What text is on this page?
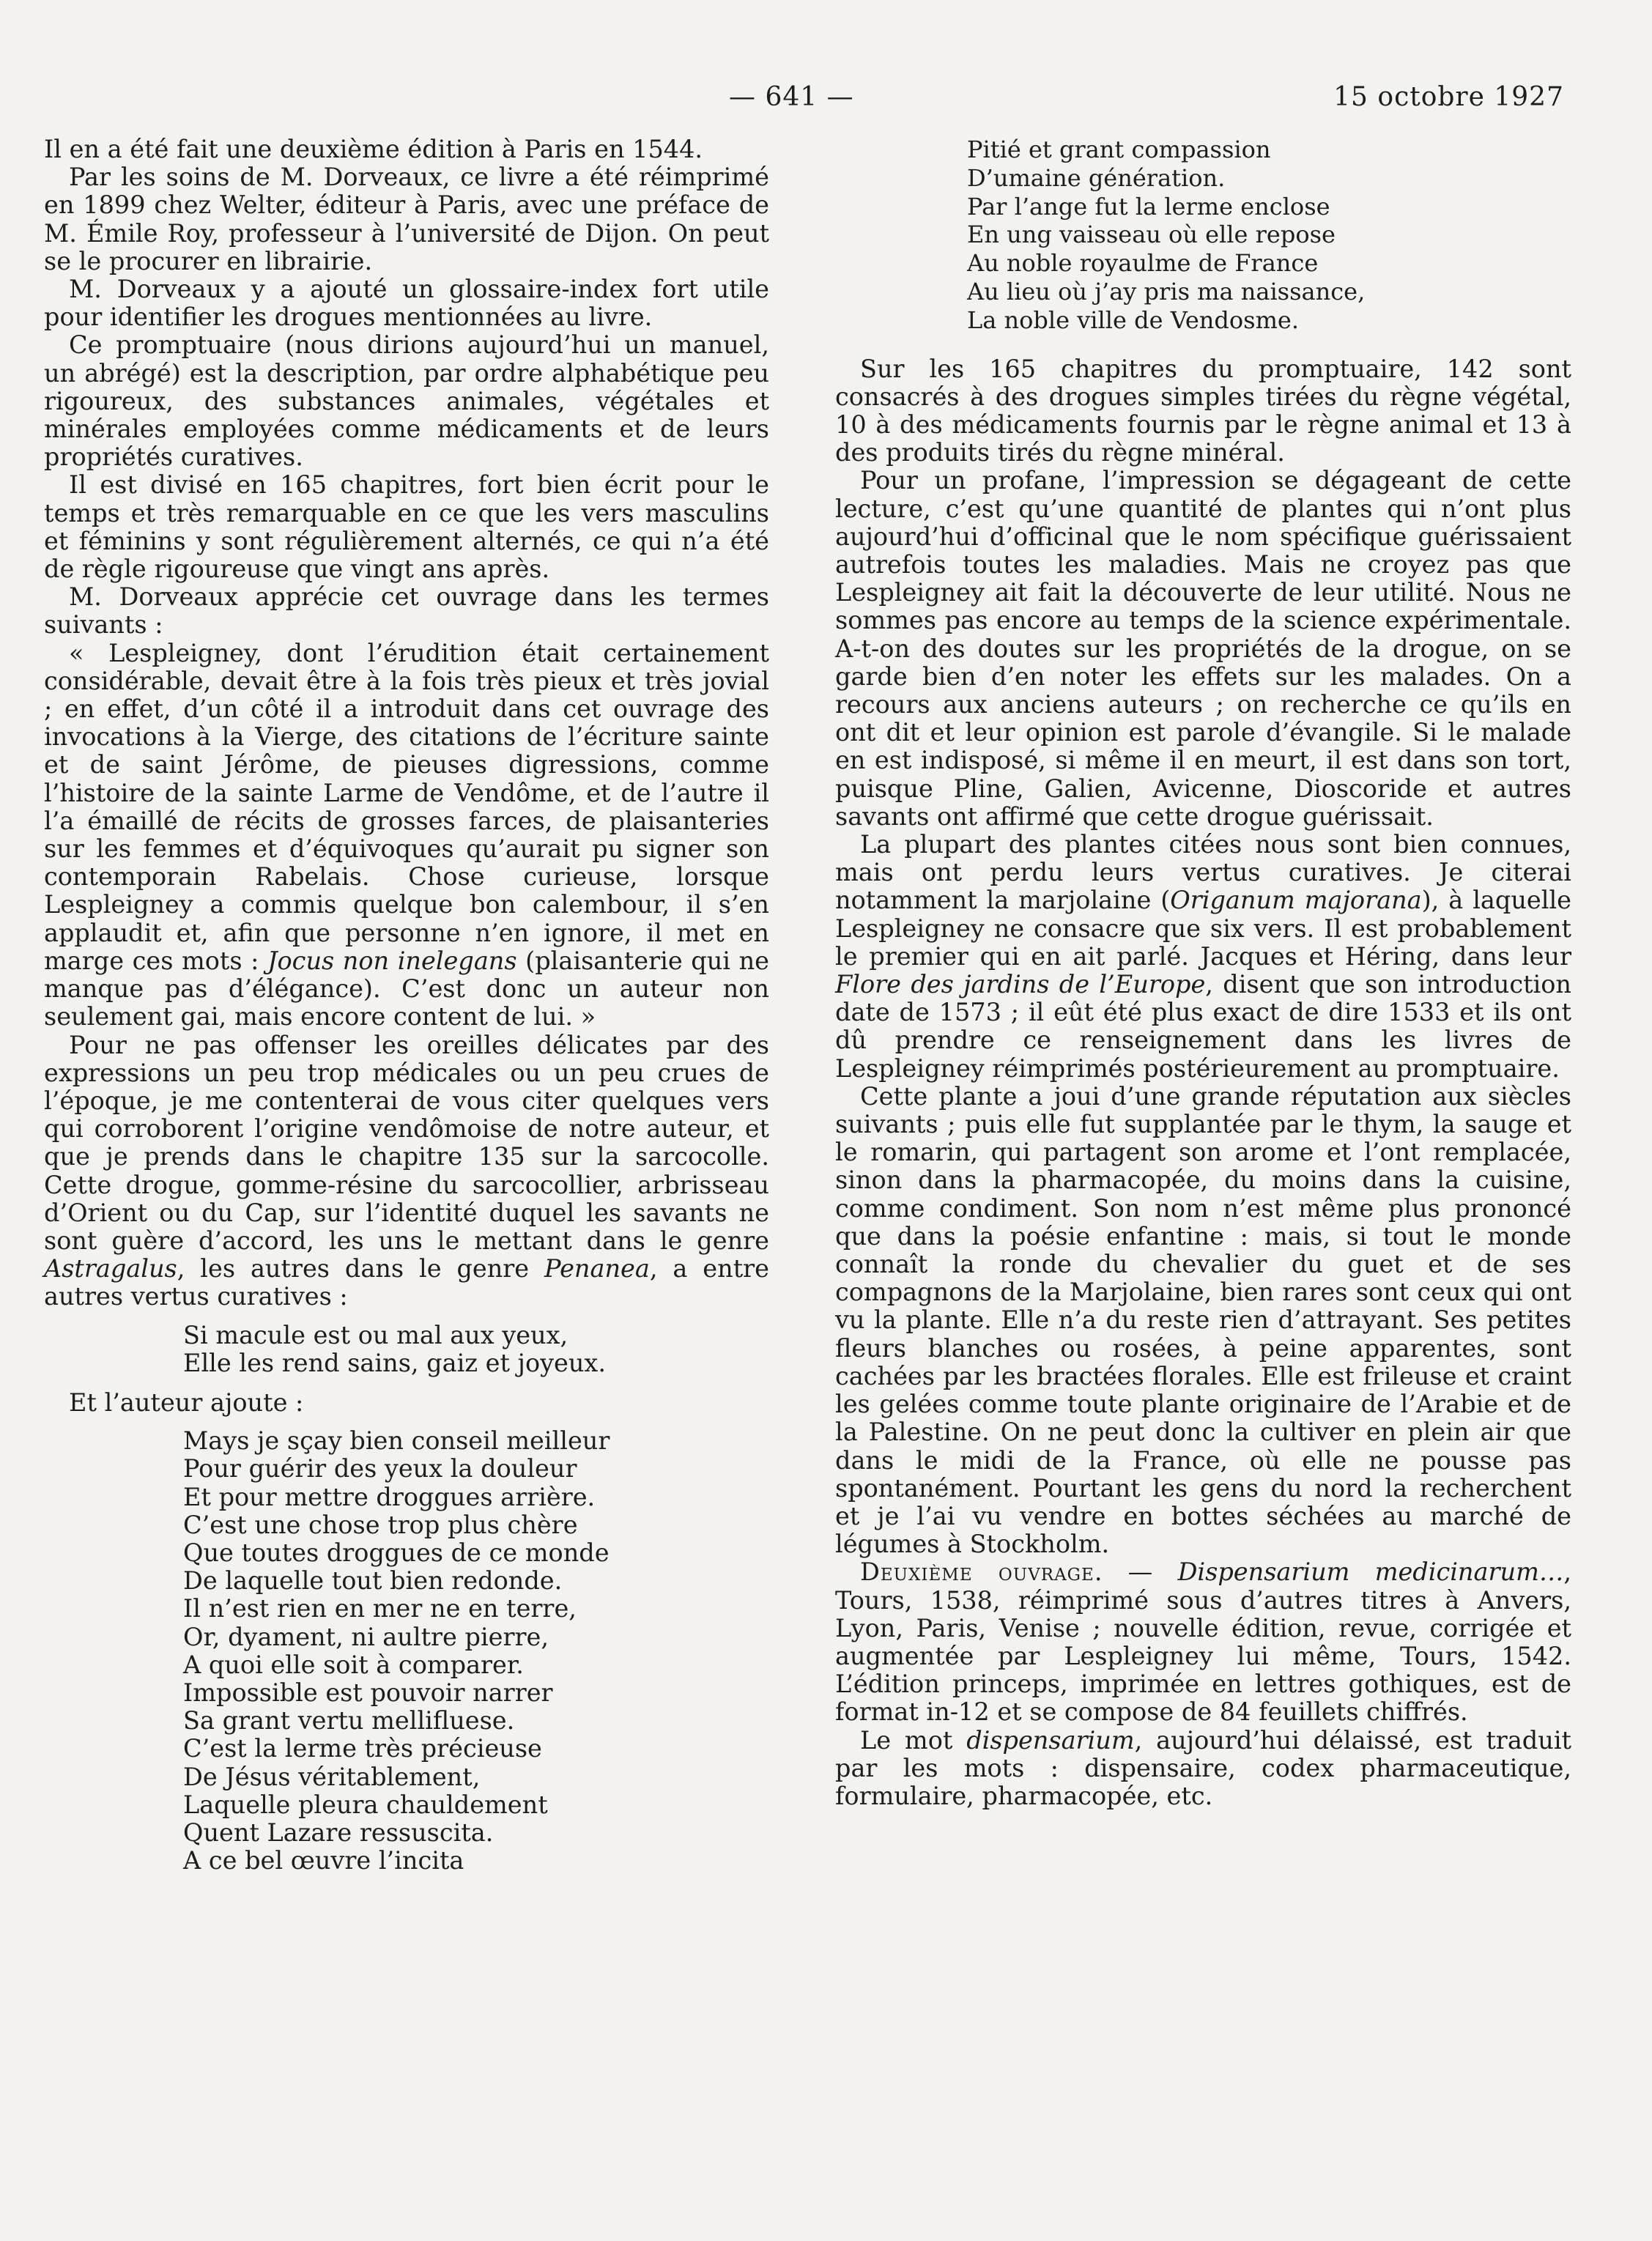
— 641 —	15 octobre 1927

Il en a été fait une deuxième édition à Paris en 1544.

Par les soins de M. Dorveaux, ce livre a été réimprimé en 1899 chez Welter, éditeur à Paris, avec une préface de M. Émile Roy, professeur à l’université de Dijon. On peut se le procurer en librairie.

M. Dorveaux y a ajouté un glossaire-index fort utile pour identifier les drogues mentionnées au livre.

Ce promptuaire (nous dirions aujourd’hui un manuel, un abrégé) est la description, par ordre alphabétique peu rigoureux, des substances animales, végétales et minérales employées comme médicaments et de leurs propriétés curatives.

Il est divisé en 165 chapitres, fort bien écrit pour le temps et très remarquable en ce que les vers masculins et féminins y sont régulièrement alternés, ce qui n’a été de règle rigoureuse que vingt ans après.

M. Dorveaux apprécie cet ouvrage dans les termes suivants :

« Lespleigney, dont l’érudition était certainement considérable, devait être à la fois très pieux et très jovial ; en effet, d’un côté il a introduit dans cet ouvrage des invocations à la Vierge, des citations de l’écriture sainte et de saint Jérôme, de pieuses digressions, comme l’histoire de la sainte Larme de Vendôme, et de l’autre il l’a émaillé de récits de grosses farces, de plaisanteries sur les femmes et d’équivoques qu’aurait pu signer son contemporain Rabelais. Chose curieuse, lorsque Lespleigney a commis quelque bon calembour, il s’en applaudit et, afin que personne n’en ignore, il met en marge ces mots : Jocus non inelegans (plaisanterie qui ne manque pas d’élégance). C’est donc un auteur non seulement gai, mais encore content de lui. »

Pour ne pas offenser les oreilles délicates par des expressions un peu trop médicales ou un peu crues de l’époque, je me contenterai de vous citer quelques vers qui corroborent l’origine vendômoise de notre auteur, et que je prends dans le chapitre 135 sur la sarcocolle. Cette drogue, gomme-résine du sarcocollier, arbrisseau d’Orient ou du Cap, sur l’identité duquel les savants ne sont guère d’accord, les uns le mettant dans le genre Astragalus, les autres dans le genre Penanea, a entre autres vertus curatives :

Si macule est ou mal aux yeux,
Elle les rend sains, gaiz et joyeux.

Et l’auteur ajoute :

Mays je sçay bien conseil meilleur
Pour guérir des yeux la douleur
Et pour mettre droggues arrière.
C’est une chose trop plus chère
Que toutes droggues de ce monde
De laquelle tout bien redonde.
Il n’est rien en mer ne en terre,
Or, dyament, ni aultre pierre,
A quoi elle soit à comparer.
Impossible est pouvoir narrer
Sa grant vertu mellifluese.
C’est la lerme très précieuse
De Jésus véritablement,
Laquelle pleura chauldement
Quent Lazare ressuscita.
A ce bel œuvre l’incita
Pitié et grant compassion
D’umaine génération.
Par l’ange fut la lerme enclose
En ung vaisseau où elle repose
Au noble royaulme de France
Au lieu où j’ay pris ma naissance,
La noble ville de Vendosme.

Sur les 165 chapitres du promptuaire, 142 sont consacrés à des drogues simples tirées du règne végétal, 10 à des médicaments fournis par le règne animal et 13 à des produits tirés du règne minéral.

Pour un profane, l’impression se dégageant de cette lecture, c’est qu’une quantité de plantes qui n’ont plus aujourd’hui d’officinal que le nom spécifique guérissaient autrefois toutes les maladies. Mais ne croyez pas que Lespleigney ait fait la découverte de leur utilité. Nous ne sommes pas encore au temps de la science expérimentale. A-t-on des doutes sur les propriétés de la drogue, on se garde bien d’en noter les effets sur les malades. On a recours aux anciens auteurs ; on recherche ce qu’ils en ont dit et leur opinion est parole d’évangile. Si le malade en est indisposé, si même il en meurt, il est dans son tort, puisque Pline, Galien, Avicenne, Dioscoride et autres savants ont affirmé que cette drogue guérissait.

La plupart des plantes citées nous sont bien connues, mais ont perdu leurs vertus curatives. Je citerai notamment la marjolaine (Origanum majorana), à laquelle Lespleigney ne consacre que six vers. Il est probablement le premier qui en ait parlé. Jacques et Héring, dans leur Flore des jardins de l’Europe, disent que son introduction date de 1573 ; il eût été plus exact de dire 1533 et ils ont dû prendre ce renseignement dans les livres de Lespleigney réimprimés postérieurement au promptuaire.

Cette plante a joui d’une grande réputation aux siècles suivants ; puis elle fut supplantée par le thym, la sauge et le romarin, qui partagent son arome et l’ont remplacée, sinon dans la pharmacopée, du moins dans la cuisine, comme condiment. Son nom n’est même plus prononcé que dans la poésie enfantine : mais, si tout le monde connaît la ronde du chevalier du guet et de ses compagnons de la Marjolaine, bien rares sont ceux qui ont vu la plante. Elle n’a du reste rien d’attrayant. Ses petites fleurs blanches ou rosées, à peine apparentes, sont cachées par les bractées florales. Elle est frileuse et craint les gelées comme toute plante originaire de l’Arabie et de la Palestine. On ne peut donc la cultiver en plein air que dans le midi de la France, où elle ne pousse pas spontanément. Pourtant les gens du nord la recherchent et je l’ai vu vendre en bottes séchées au marché de légumes à Stockholm.

Deuxième ouvrage. — Dispensarium medicinarum…, Tours, 1538, réimprimé sous d’autres titres à Anvers, Lyon, Paris, Venise ; nouvelle édition, revue, corrigée et augmentée par Lespleigney lui même, Tours, 1542. L’édition princeps, imprimée en lettres gothiques, est de format in-12 et se compose de 84 feuillets chiffrés.

Le mot dispensarium, aujourd’hui délaissé, est traduit par les mots : dispensaire, codex pharmaceutique, formulaire, pharmacopée, etc.
